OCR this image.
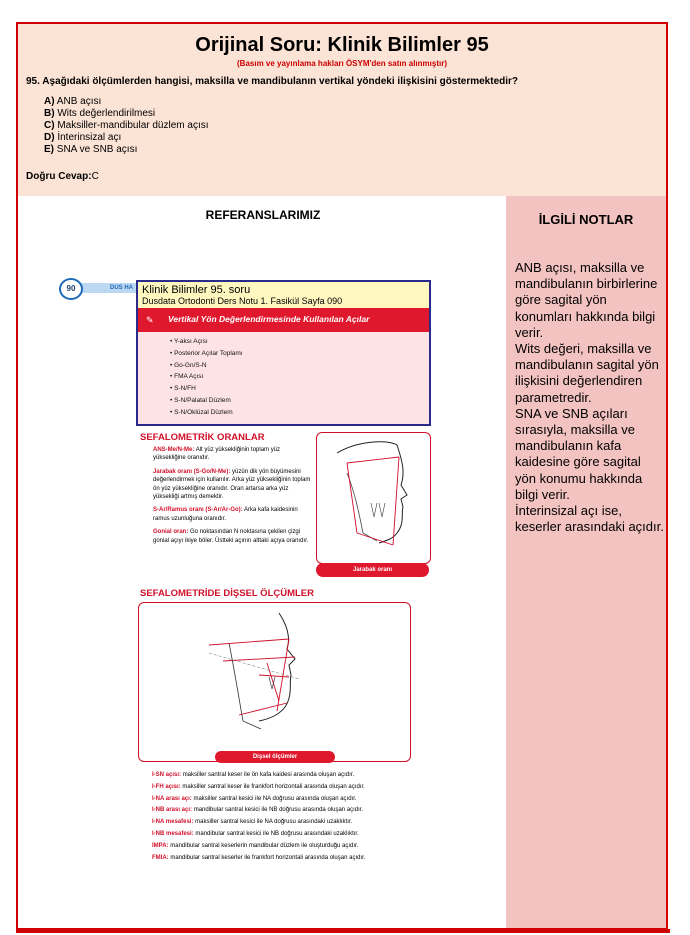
Orijinal Soru: Klinik Bilimler 95
(Basım ve yayınlama hakları ÖSYM'den satın alınmıştır)
95. Aşağıdaki ölçümlerden hangisi, maksilla ve mandibulanın vertikal yöndeki ilişkisini göstermektedir?
A) ANB açısı
B) Wits değerlendirilmesi
C) Maksiller-mandibular düzlem açısı
D) İnterinsizal açı
E) SNA ve SNB açısı
Doğru Cevap:C
REFERANSLARIMIZ
DUS HA
90	Klinik Bilimler 95. soru
Dusdata Ortodonti Ders Notu 1. Fasikül Sayfa 090
✎ Vertikal Yön Değerlendirmesinde Kullanılan Açılar
• Y-aksı Açısı
• Posterior Açılar Toplamı
• Go-Gn/S-N
• FMA Açısı
• S-N/FH
• S-N/Palatal Düzlem
• S-N/Oklüzal Düzlem
SEFALOMETRİK ORANLAR

ANS-Me/N-Me: Alt yüz yüksekliğinin toplam yüz yüksekliğine oranıdır.

Jarabak oranı (S-Go/N-Me): yüzün dik yön büyümesini değerlendirmek için kullanılır. Arka yüz yüksekliğinin toplam ön yüz yüksekliğine oranıdır. Oran artarsa arka yüz yüksekliği artmış demektir.

S-Ar/Ramus oranı (S-Ar/Ar-Go): Arka kafa kaidesinin ramus uzunluğuna oranıdır.

Gonial oran: Go noktasından N noktasına çekilen çizgi gonial açıyı ikiye böler. Üstteki açının alttaki açıya oranıdır.

Jarabak oranı
SEFALOMETRİDE DİŞSEL ÖLÇÜMLER
Dişsel ölçümler
I-SN açısı: maksiller santral keser ile ön kafa kaidesi arasında oluşan açıdır.
I-FH açısı: maksiller santral keser ile frankfort horizontali arasında oluşan açıdır.
I-NA arası açı: maksiller santral kesici ile NA doğrusu arasında oluşan açıdır.
I-NB arası açı: mandibular santral kesici ile NB doğrusu arasında oluşan açıdır.
I-NA mesafesi: maksiller santral kesici ile NA doğrusu arasındaki uzaklıktır.
I-NB mesafesi: mandibular santral kesici ile NB doğrusu arasındaki uzaklıktır.
IMPA: mandibular santral keserlerin mandibular düzlem ile oluşturduğu açıdır.
FMIA: mandibular santral keserler ile frankfort horizontali arasında oluşan açıdır.
İLGİLİ NOTLAR
ANB açısı, maksilla ve
mandibulanın birbirlerine
göre sagital yön
konumları hakkında bilgi
verir.
Wits değeri, maksilla ve
mandibulanın sagital yön
ilişkisini değerlendiren
parametredir.
SNA ve SNB açıları
sırasıyla, maksilla ve
mandibulanın kafa
kaidesine göre sagital
yön konumu hakkında
bilgi verir.
İnterinsizal açı ise,
keserler arasındaki açıdır.
